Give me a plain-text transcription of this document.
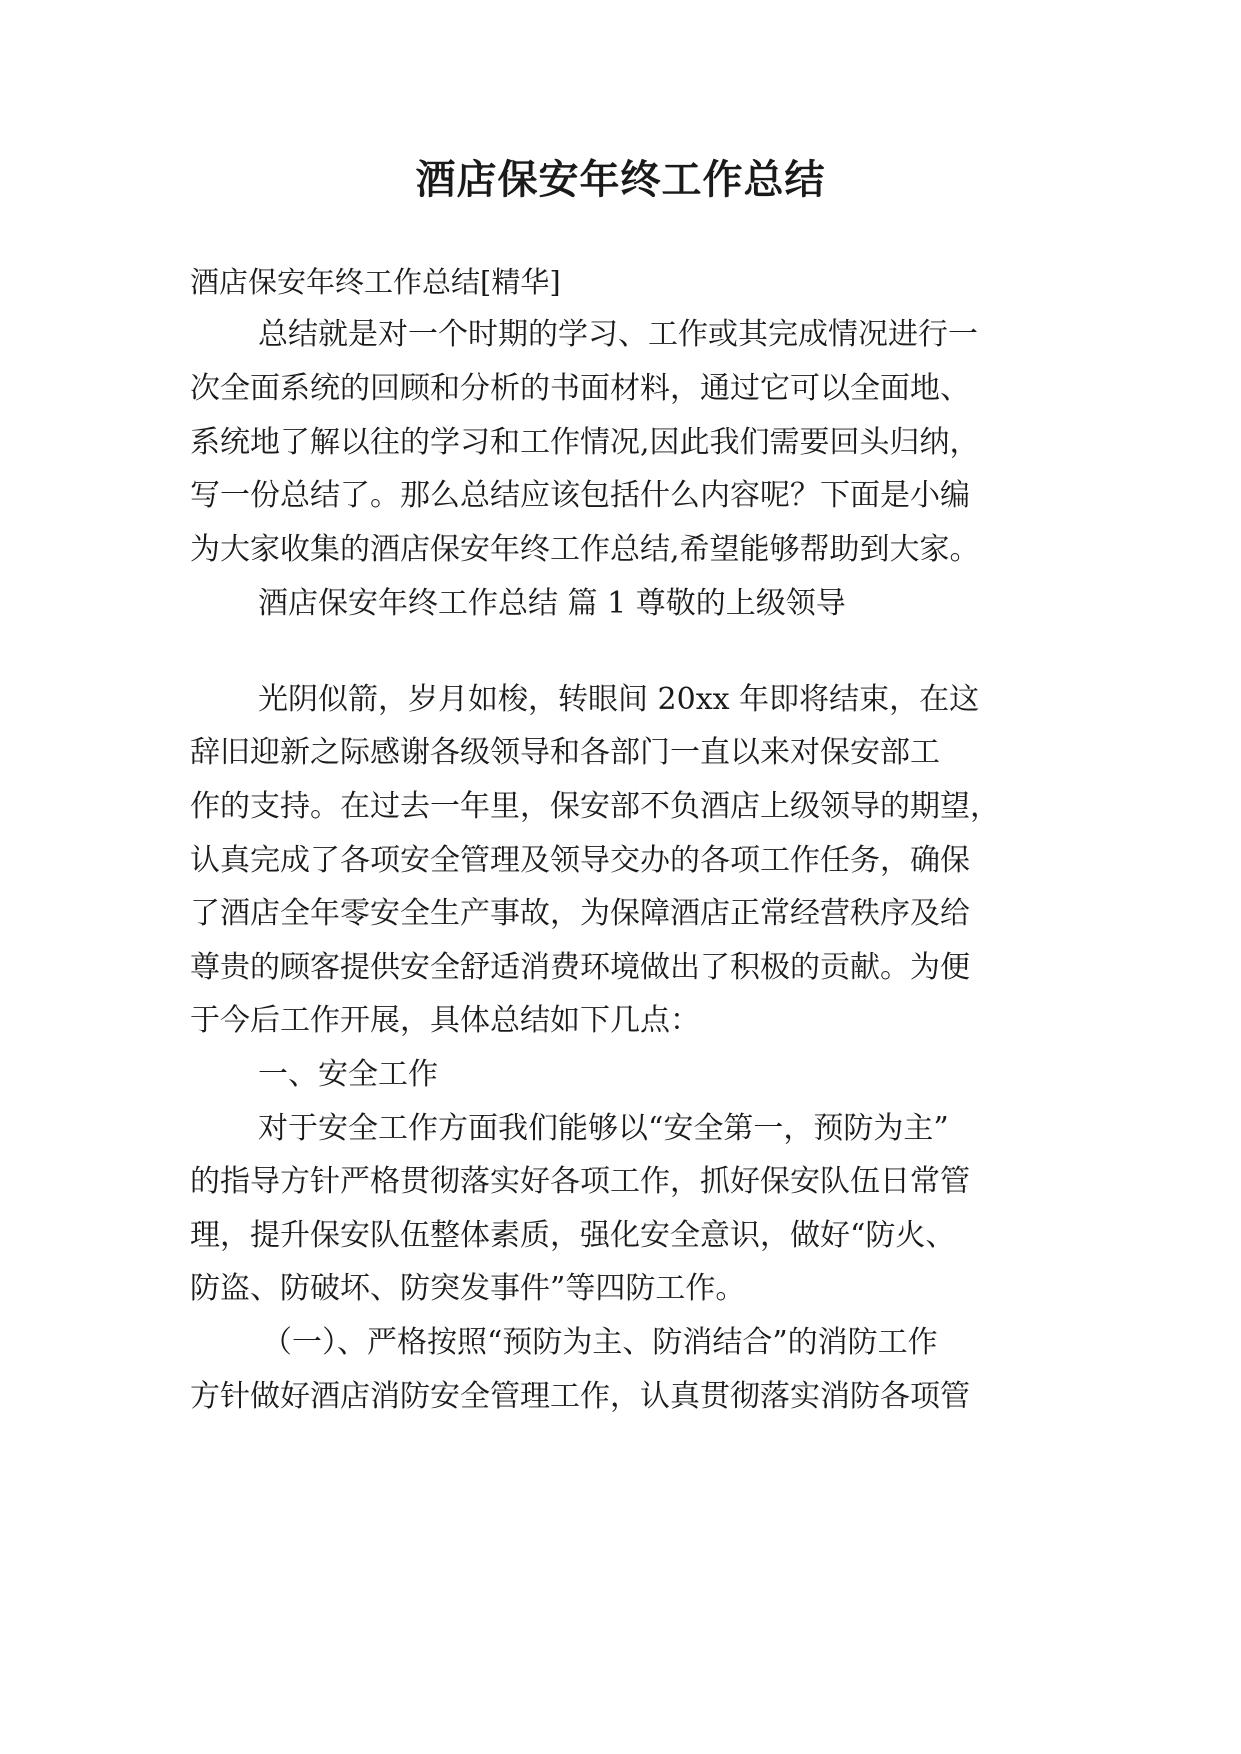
酒店保安年终工作总结
酒店保安年终工作总结[精华]
总结就是对一个时期的学习、工作或其完成情况进行一
次全面系统的回顾和分析的书面材料，通过它可以全面地、
系统地了解以往的学习和工作情况,因此我们需要回头归纳，
写一份总结了。那么总结应该包括什么内容呢？下面是小编
为大家收集的酒店保安年终工作总结,希望能够帮助到大家。
酒店保安年终工作总结 篇 1 尊敬的上级领导
光阴似箭，岁月如梭，转眼间 20xx 年即将结束，在这
辞旧迎新之际感谢各级领导和各部门一直以来对保安部工
作的支持。在过去一年里，保安部不负酒店上级领导的期望，
认真完成了各项安全管理及领导交办的各项工作任务，确保
了酒店全年零安全生产事故，为保障酒店正常经营秩序及给
尊贵的顾客提供安全舒适消费环境做出了积极的贡献。为便
于今后工作开展，具体总结如下几点：
一、安全工作
对于安全工作方面我们能够以“安全第一，预防为主”
的指导方针严格贯彻落实好各项工作，抓好保安队伍日常管
理，提升保安队伍整体素质，强化安全意识，做好“防火、
防盗、防破坏、防突发事件”等四防工作。
（一）、严格按照“预防为主、防消结合”的消防工作
方针做好酒店消防安全管理工作，认真贯彻落实消防各项管
